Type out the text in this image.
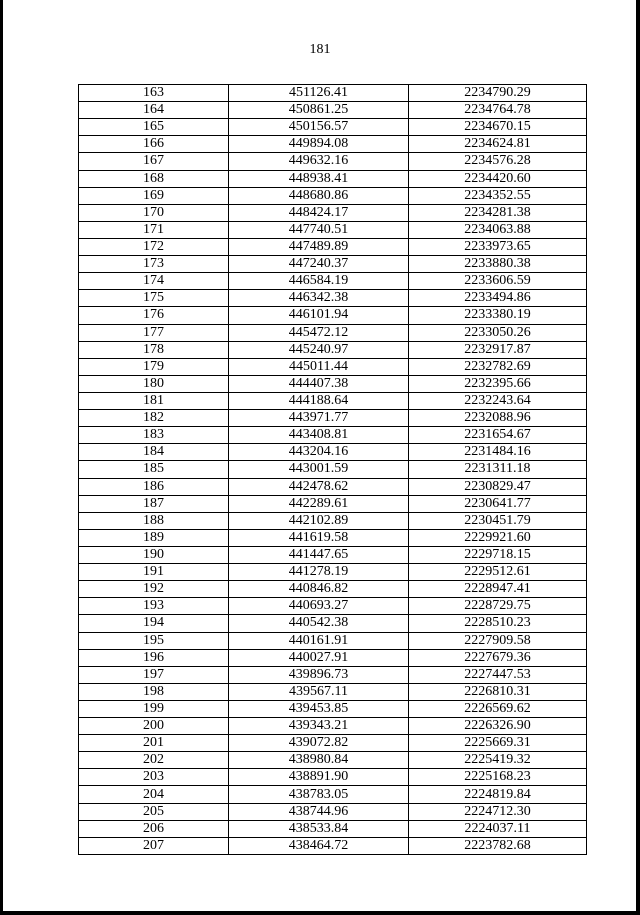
181
163	451126.41	2234790.29
164	450861.25	2234764.78
165	450156.57	2234670.15
166	449894.08	2234624.81
167	449632.16	2234576.28
168	448938.41	2234420.60
169	448680.86	2234352.55
170	448424.17	2234281.38
171	447740.51	2234063.88
172	447489.89	2233973.65
173	447240.37	2233880.38
174	446584.19	2233606.59
175	446342.38	2233494.86
176	446101.94	2233380.19
177	445472.12	2233050.26
178	445240.97	2232917.87
179	445011.44	2232782.69
180	444407.38	2232395.66
181	444188.64	2232243.64
182	443971.77	2232088.96
183	443408.81	2231654.67
184	443204.16	2231484.16
185	443001.59	2231311.18
186	442478.62	2230829.47
187	442289.61	2230641.77
188	442102.89	2230451.79
189	441619.58	2229921.60
190	441447.65	2229718.15
191	441278.19	2229512.61
192	440846.82	2228947.41
193	440693.27	2228729.75
194	440542.38	2228510.23
195	440161.91	2227909.58
196	440027.91	2227679.36
197	439896.73	2227447.53
198	439567.11	2226810.31
199	439453.85	2226569.62
200	439343.21	2226326.90
201	439072.82	2225669.31
202	438980.84	2225419.32
203	438891.90	2225168.23
204	438783.05	2224819.84
205	438744.96	2224712.30
206	438533.84	2224037.11
207	438464.72	2223782.68
